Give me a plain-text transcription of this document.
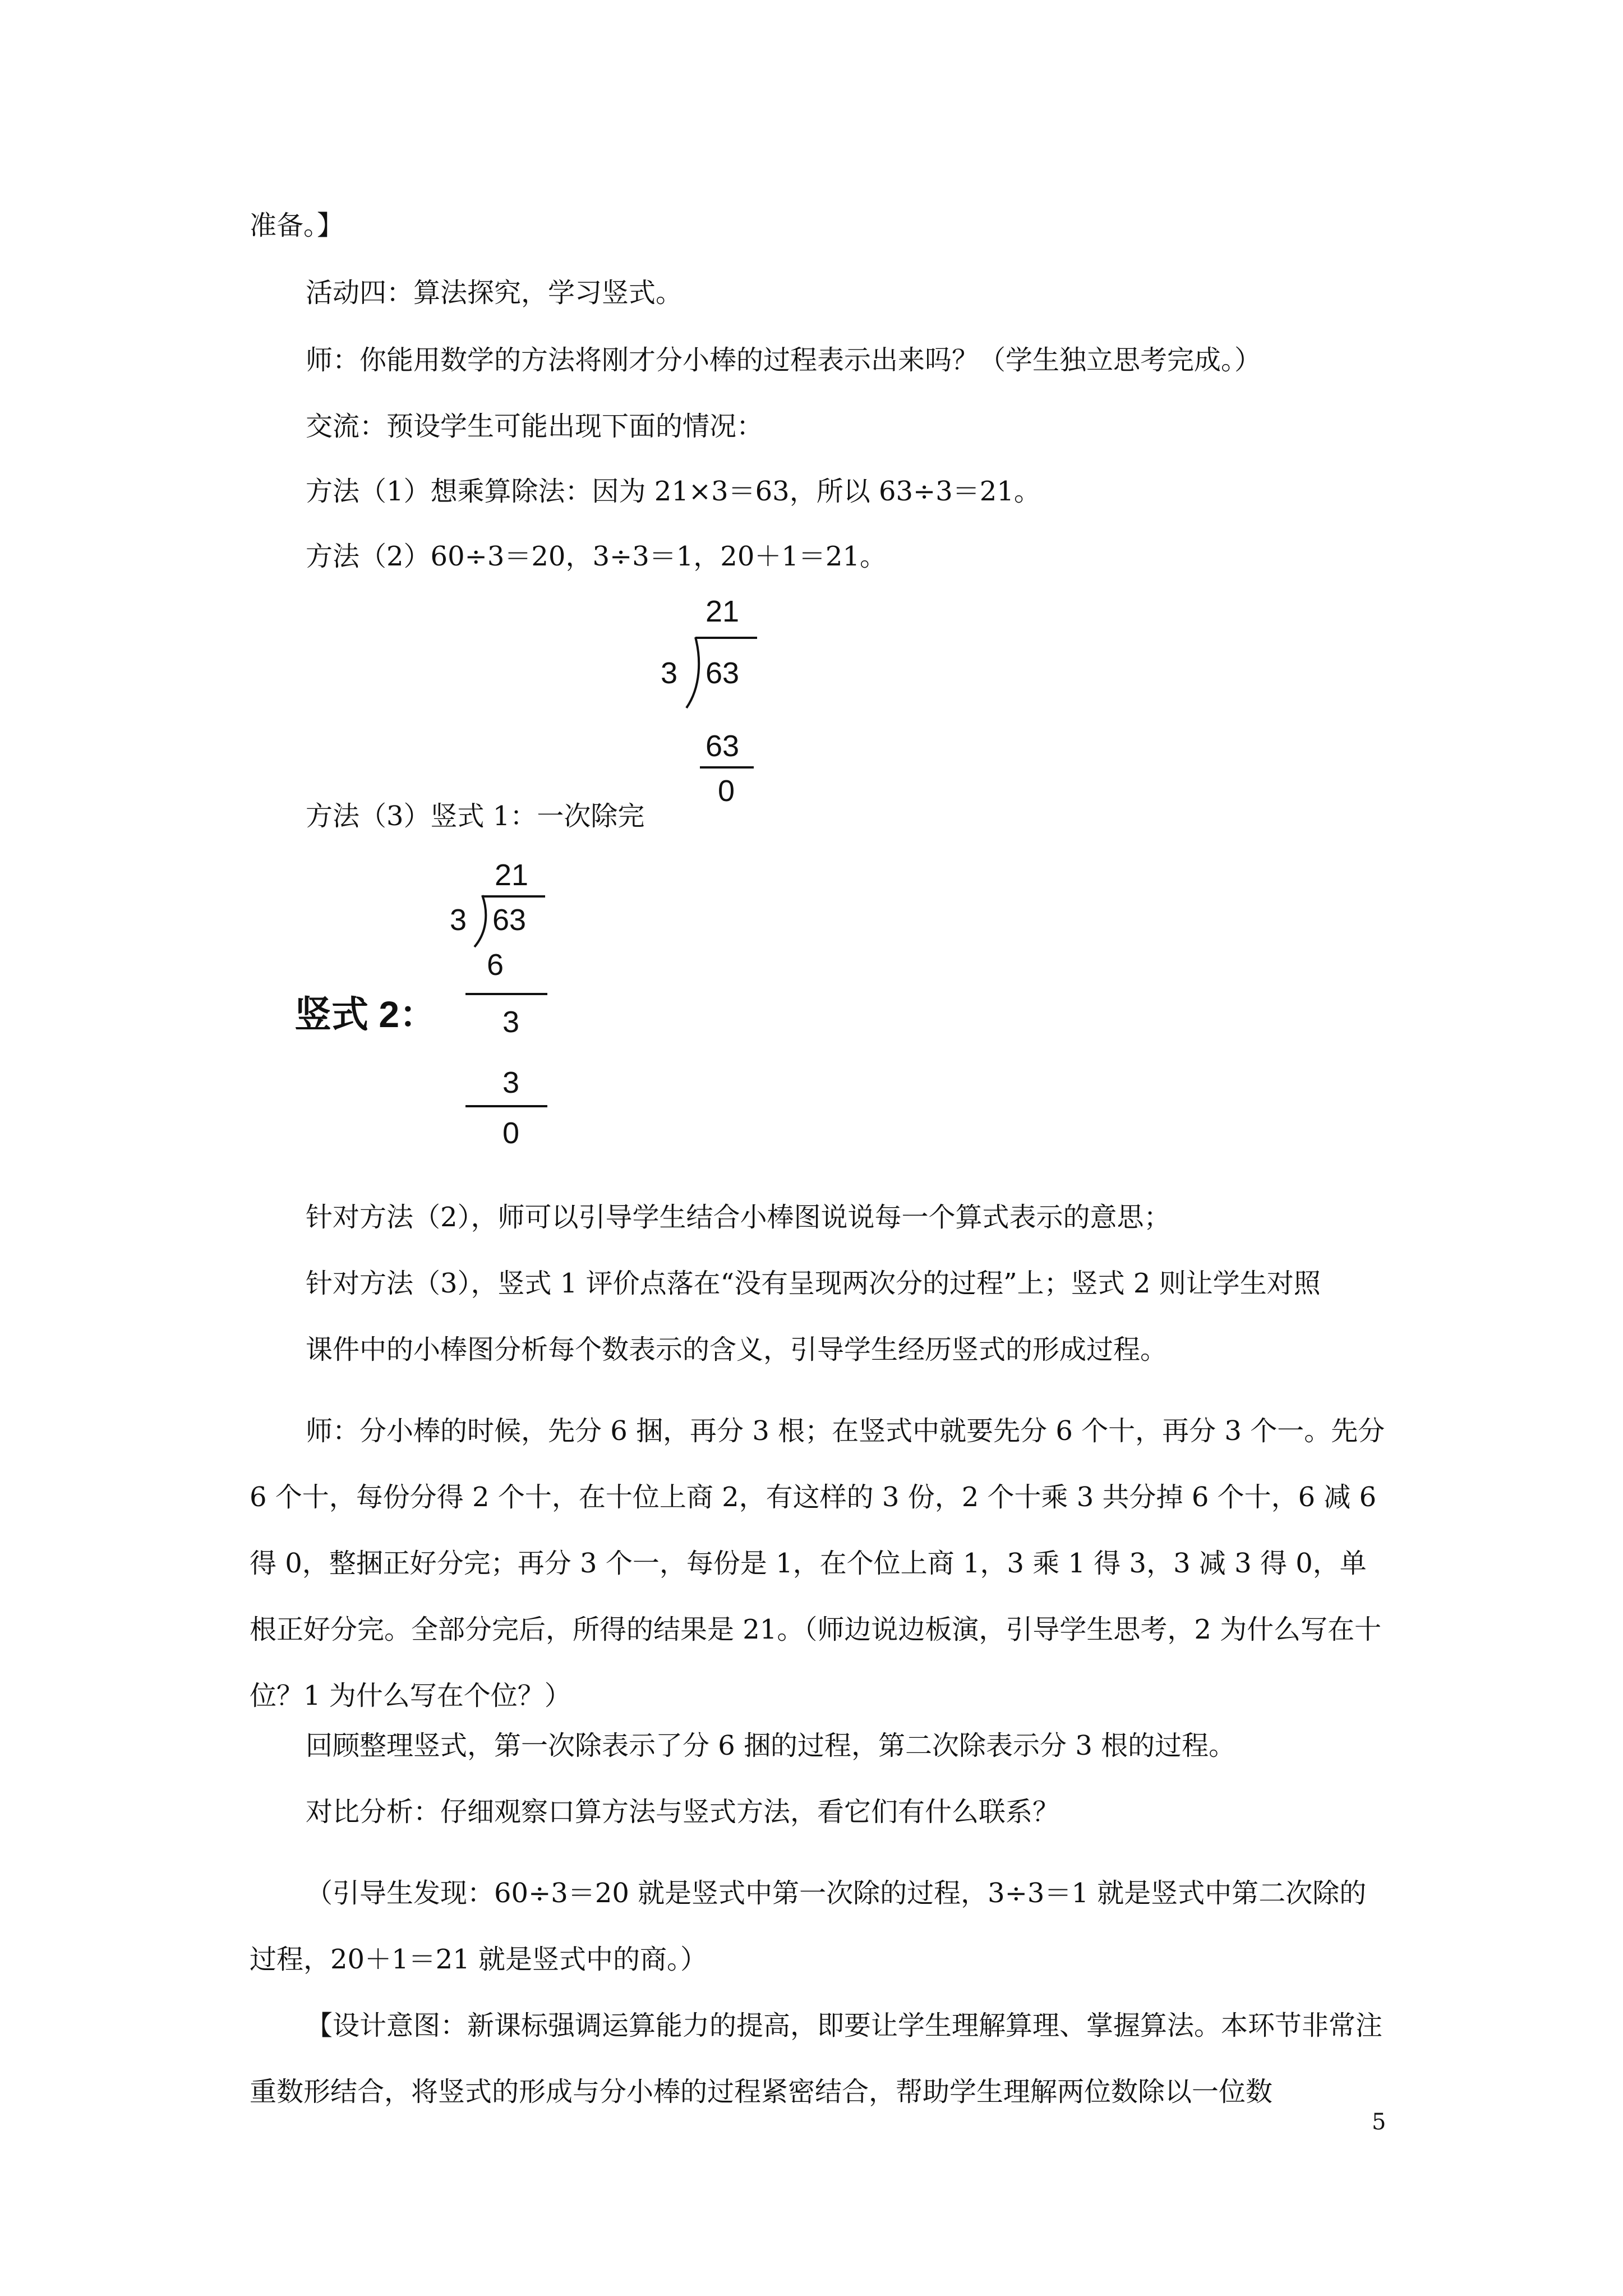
准备。】
活动四：算法探究，学习竖式。
师：你能用数学的方法将刚才分小棒的过程表示出来吗？（学生独立思考完成。）
交流：预设学生可能出现下面的情况：
方法（1）想乘算除法：因为 21×3＝63，所以 63÷3＝21。
方法（2）60÷3＝20，3÷3＝1，20＋1＝21。
21
3 63
63
0
方法（3）竖式 1：一次除完
竖式 2：
21
3 63
6
3
3
0
针对方法（2），师可以引导学生结合小棒图说说每一个算式表示的意思；
针对方法（3），竖式 1 评价点落在“没有呈现两次分的过程”上；竖式 2 则让学生对照
课件中的小棒图分析每个数表示的含义，引导学生经历竖式的形成过程。
师：分小棒的时候，先分 6 捆，再分 3 根；在竖式中就要先分 6 个十，再分 3 个一。先分 6 个十，每份分得 2 个十，在十位上商 2，有这样的 3 份，2 个十乘 3 共分掉 6 个十，6 减 6 得 0，整捆正好分完；再分 3 个一，每份是 1，在个位上商 1，3 乘 1 得 3，3 减 3 得 0，单根正好分完。全部分完后，所得的结果是 21。（师边说边板演，引导学生思考，2 为什么写在十位？1 为什么写在个位？）
回顾整理竖式，第一次除表示了分 6 捆的过程，第二次除表示分 3 根的过程。
对比分析：仔细观察口算方法与竖式方法，看它们有什么联系？
（引导生发现：60÷3＝20 就是竖式中第一次除的过程，3÷3＝1 就是竖式中第二次除的过程，20＋1＝21 就是竖式中的商。）
【设计意图：新课标强调运算能力的提高，即要让学生理解算理、掌握算法。本环节非常注重数形结合，将竖式的形成与分小棒的过程紧密结合，帮助学生理解两位数除以一位数
5
